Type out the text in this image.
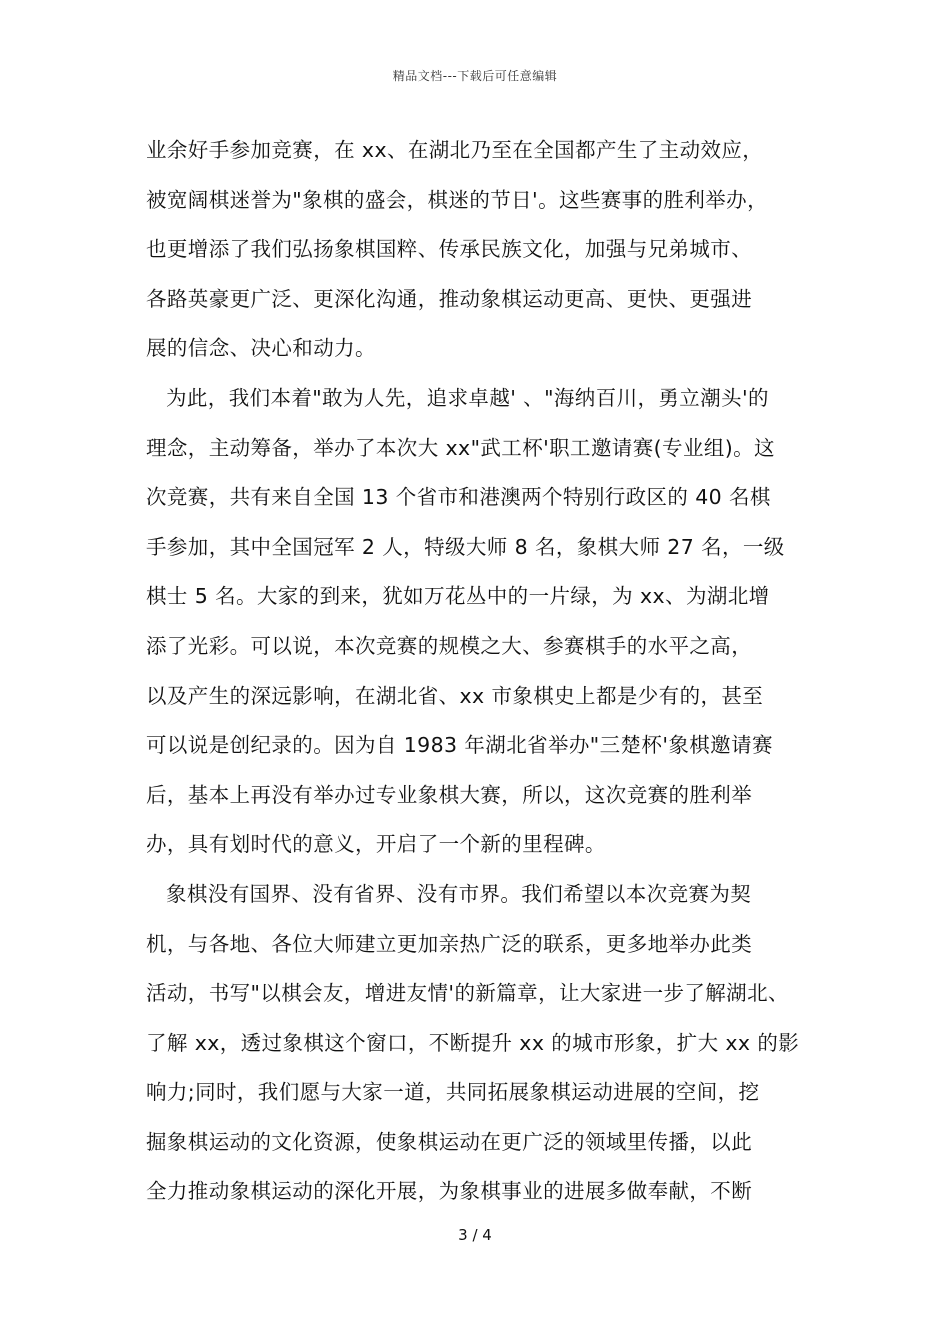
精品文档---下载后可任意编辑
业余好手参加竞赛，在 xx、在湖北乃至在全国都产生了主动效应，
被宽阔棋迷誉为"象棋的盛会，棋迷的节日'。这些赛事的胜利举办，
也更增添了我们弘扬象棋国粹、传承民族文化，加强与兄弟城市、
各路英豪更广泛、更深化沟通，推动象棋运动更高、更快、更强进
展的信念、决心和动力。
为此，我们本着"敢为人先，追求卓越' 、"海纳百川，勇立潮头'的
理念，主动筹备，举办了本次大 xx"武工杯'职工邀请赛(专业组)。这
次竞赛，共有来自全国 13 个省市和港澳两个特别行政区的 40 名棋
手参加，其中全国冠军 2 人，特级大师 8 名，象棋大师 27 名，一级
棋士 5 名。大家的到来，犹如万花丛中的一片绿，为 xx、为湖北增
添了光彩。可以说，本次竞赛的规模之大、参赛棋手的水平之高，
以及产生的深远影响，在湖北省、xx 市象棋史上都是少有的，甚至
可以说是创纪录的。因为自 1983 年湖北省举办"三楚杯'象棋邀请赛
后，基本上再没有举办过专业象棋大赛，所以，这次竞赛的胜利举
办，具有划时代的意义，开启了一个新的里程碑。
象棋没有国界、没有省界、没有市界。我们希望以本次竞赛为契
机，与各地、各位大师建立更加亲热广泛的联系，更多地举办此类
活动，书写"以棋会友，增进友情'的新篇章，让大家进一步了解湖北、
了解 xx，透过象棋这个窗口，不断提升 xx 的城市形象，扩大 xx 的影
响力;同时，我们愿与大家一道，共同拓展象棋运动进展的空间，挖
掘象棋运动的文化资源，使象棋运动在更广泛的领域里传播，以此
全力推动象棋运动的深化开展，为象棋事业的进展多做奉献，不断
3 / 4
